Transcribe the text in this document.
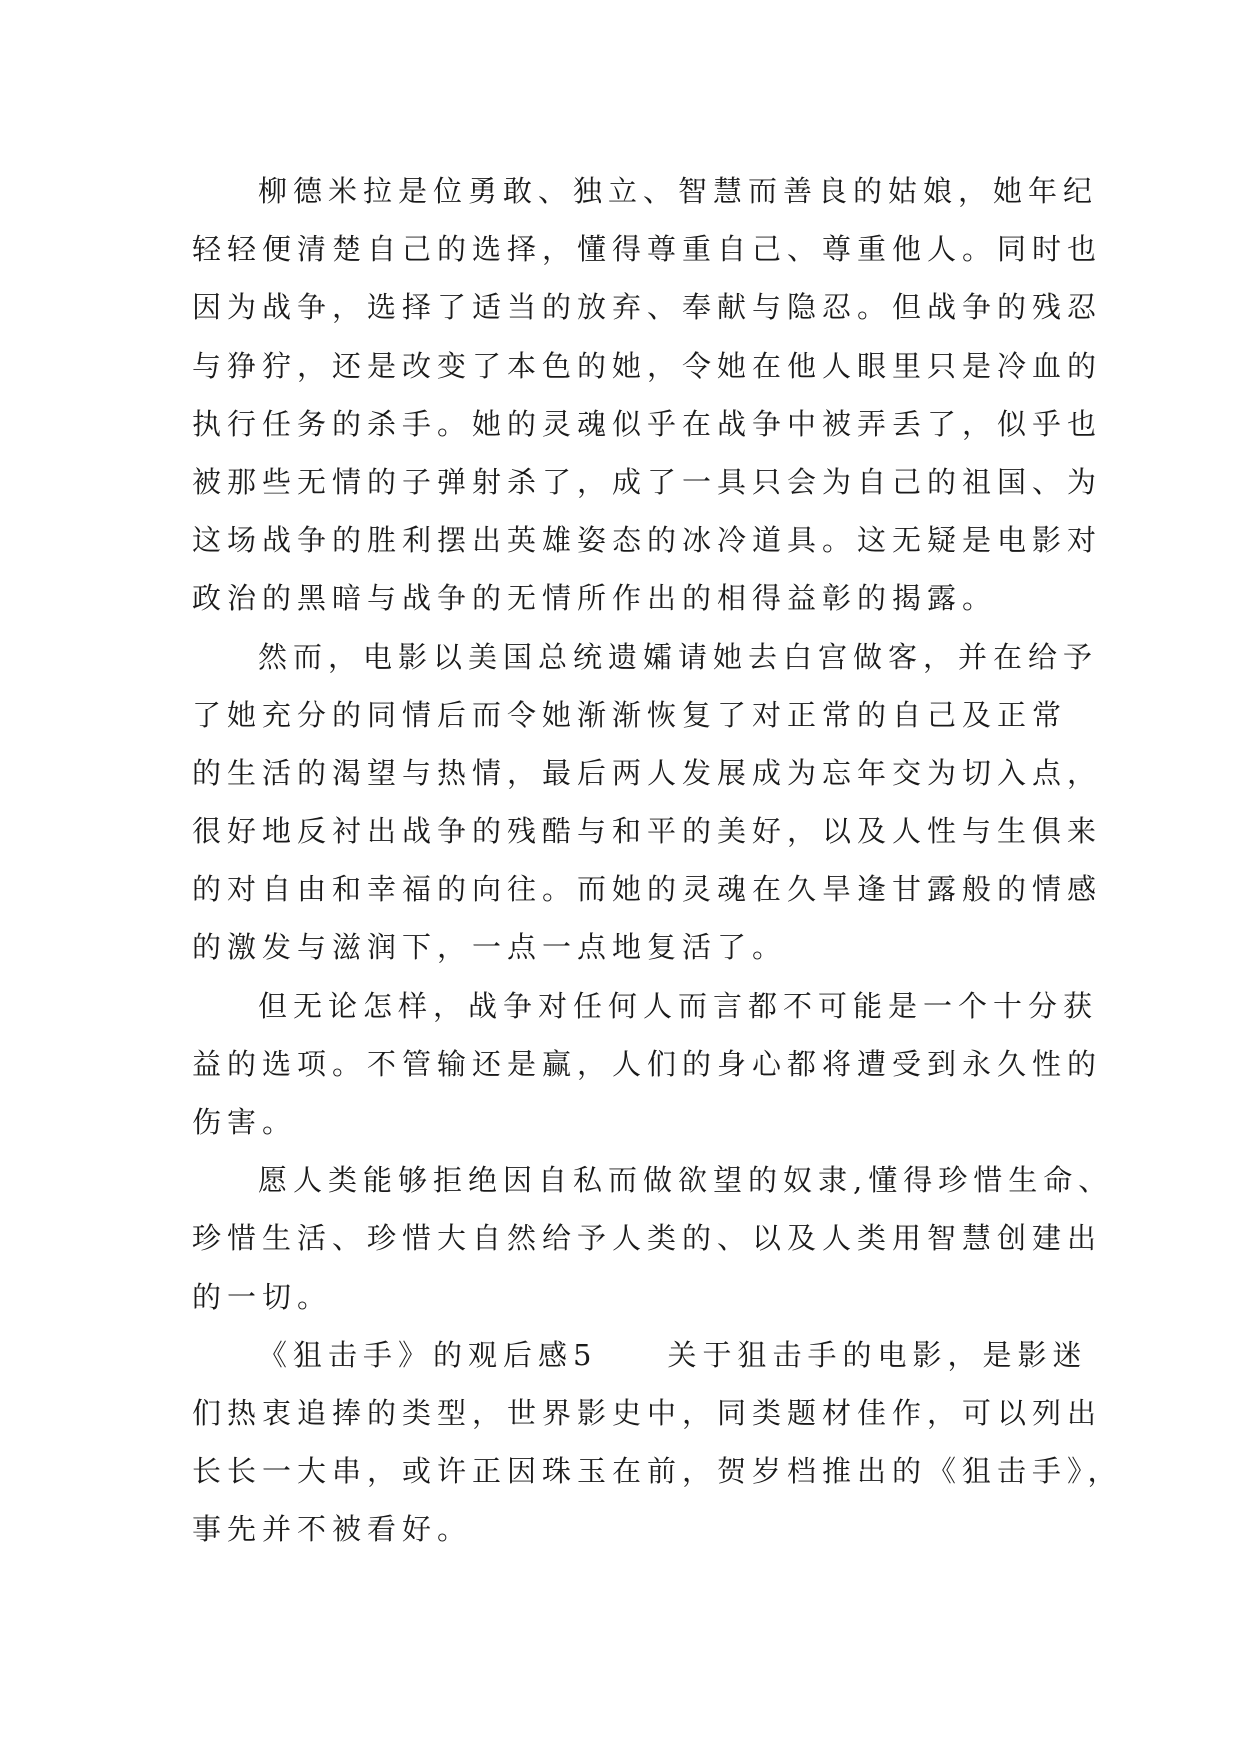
柳德米拉是位勇敢、独立、智慧而善良的姑娘，她年纪
轻轻便清楚自己的选择，懂得尊重自己、尊重他人。同时也
因为战争，选择了适当的放弃、奉献与隐忍。但战争的残忍
与狰狞，还是改变了本色的她，令她在他人眼里只是冷血的
执行任务的杀手。她的灵魂似乎在战争中被弄丢了，似乎也
被那些无情的子弹射杀了，成了一具只会为自己的祖国、为
这场战争的胜利摆出英雄姿态的冰冷道具。这无疑是电影对
政治的黑暗与战争的无情所作出的相得益彰的揭露。

然而，电影以美国总统遗孀请她去白宫做客，并在给予
了她充分的同情后而令她渐渐恢复了对正常的自己及正常
的生活的渴望与热情，最后两人发展成为忘年交为切入点，
很好地反衬出战争的残酷与和平的美好，以及人性与生俱来
的对自由和幸福的向往。而她的灵魂在久旱逢甘露般的情感
的激发与滋润下，一点一点地复活了。

但无论怎样，战争对任何人而言都不可能是一个十分获
益的选项。不管输还是赢，人们的身心都将遭受到永久性的
伤害。

愿人类能够拒绝因自私而做欲望的奴隶,懂得珍惜生命、
珍惜生活、珍惜大自然给予人类的、以及人类用智慧创建出
的一切。

《狙击手》的观后感5　　关于狙击手的电影，是影迷
们热衷追捧的类型，世界影史中，同类题材佳作，可以列出
长长一大串，或许正因珠玉在前，贺岁档推出的《狙击手》，
事先并不被看好。
